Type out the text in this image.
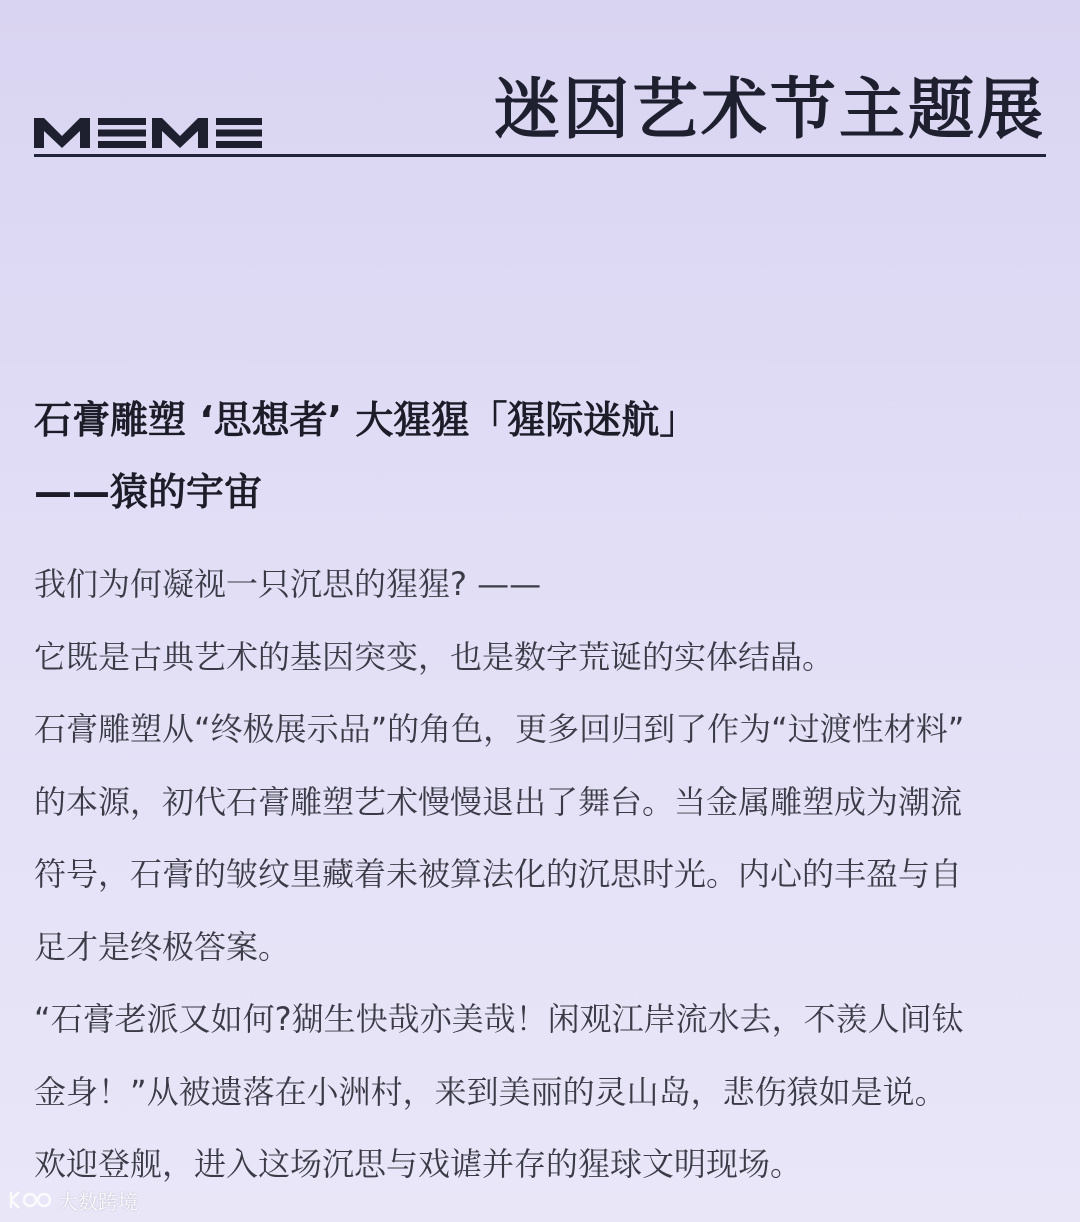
迷因艺术节主题展
石膏雕塑 ‘思想者’ 大猩猩「猩际迷航」
——猿的宇宙
我们为何凝视一只沉思的猩猩? ——
它既是古典艺术的基因突变，也是数字荒诞的实体结晶。
石膏雕塑从“终极展示品”的角色，更多回归到了作为“过渡性材料”
的本源，初代石膏雕塑艺术慢慢退出了舞台。当金属雕塑成为潮流
符号，石膏的皱纹里藏着未被算法化的沉思时光。内心的丰盈与自
足才是终极答案。
“石膏老派又如何?猢生快哉亦美哉！闲观江岸流水去，不羡人间钛
金身！”从被遗落在小洲村，来到美丽的灵山岛，悲伤猿如是说。
欢迎登舰，进入这场沉思与戏谑并存的猩球文明现场。
大数跨境
